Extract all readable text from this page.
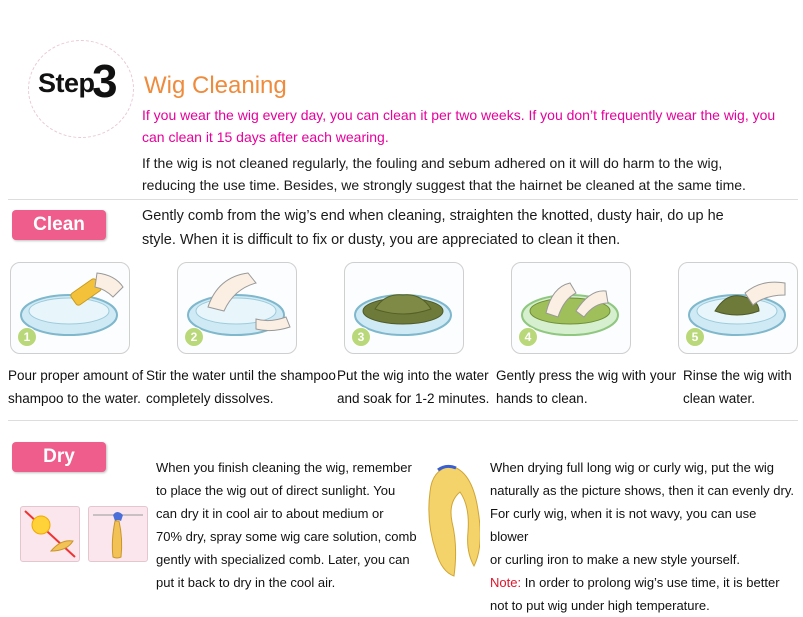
Step
3 Wig Cleaning
If you wear the wig every day, you can clean it per two weeks. If you don’t frequently wear the wig, you
can clean it 15 days after each wearing.
If the wig is not cleaned regularly, the fouling and sebum adhered on it will do harm to the wig,
reducing the use time. Besides, we strongly suggest that the hairnet be cleaned at the same time.
Clean	Gently comb from the wig’s end when cleaning, straighten the knotted, dusty hair, do up he
style. When it is difficult to fix or dusty, you are appreciated to clean it then.
1	2	3	4	5
Pour proper amount of
shampoo to the water.
Stir the water until the shampoo
completely dissolves.
Put the wig into the water
and soak for 1-2 minutes.
Gently press the wig with your
hands to clean.
Rinse the wig with
clean water.
Dry
When you finish cleaning the wig, remember
to place the wig out of direct sunlight. You
can dry it in cool air to about medium or
70% dry, spray some wig care solution, comb
gently with specialized comb. Later, you can
put it back to dry in the cool air.
When drying full long wig or curly wig, put the wig
naturally as the picture shows, then it can evenly dry.
For curly wig, when it is not wavy, you can use blower
or curling iron to make a new style yourself.
Note: In order to prolong wig’s use time, it is better
not to put wig under high temperature.
